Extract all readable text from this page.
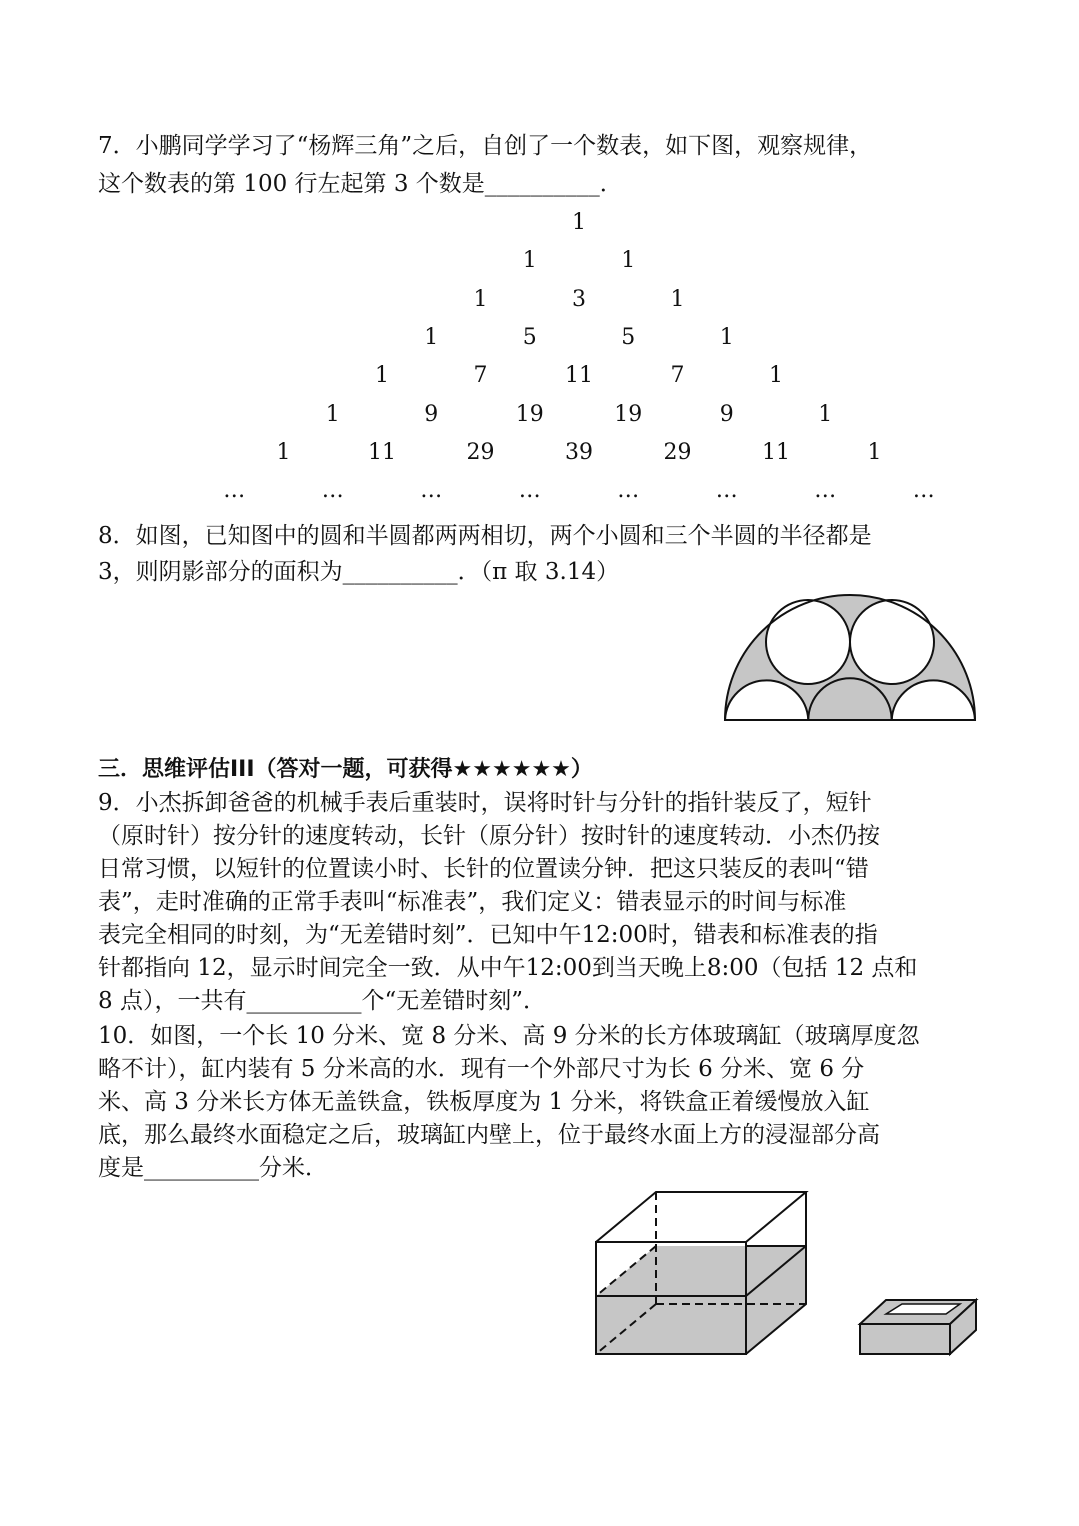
7．小鹏同学学习了“杨辉三角”之后，自创了一个数表，如下图，观察规律，
这个数表的第 100 行左起第 3 个数是__________．
1
1	1
1	3	1
1	5	5	1
1	7	11	7	1
1	9	19	19	9	1
1	11	29	39	29	11	1
…	…	…	…	…	…	…	…
8．如图，已知图中的圆和半圆都两两相切，两个小圆和三个半圆的半径都是
3，则阴影部分的面积为__________．（π 取 3.14）
三．思维评估III（答对一题，可获得★★★★★★）
9．小杰拆卸爸爸的机械手表后重装时，误将时针与分针的指针装反了，短针
（原时针）按分针的速度转动，长针（原分针）按时针的速度转动．小杰仍按
日常习惯，以短针的位置读小时、长针的位置读分钟．把这只装反的表叫“错
表”，走时准确的正常手表叫“标准表”，我们定义：错表显示的时间与标准
表完全相同的时刻，为“无差错时刻”．已知中午12:00时，错表和标准表的指
针都指向 12，显示时间完全一致．从中午12:00到当天晚上8:00（包括 12 点和
8 点），一共有__________个“无差错时刻”．
10．如图，一个长 10 分米、宽 8 分米、高 9 分米的长方体玻璃缸（玻璃厚度忽
略不计），缸内装有 5 分米高的水．现有一个外部尺寸为长 6 分米、宽 6 分
米、高 3 分米长方体无盖铁盒，铁板厚度为 1 分米，将铁盒正着缓慢放入缸
底，那么最终水面稳定之后，玻璃缸内壁上，位于最终水面上方的浸湿部分高
度是__________分米．
